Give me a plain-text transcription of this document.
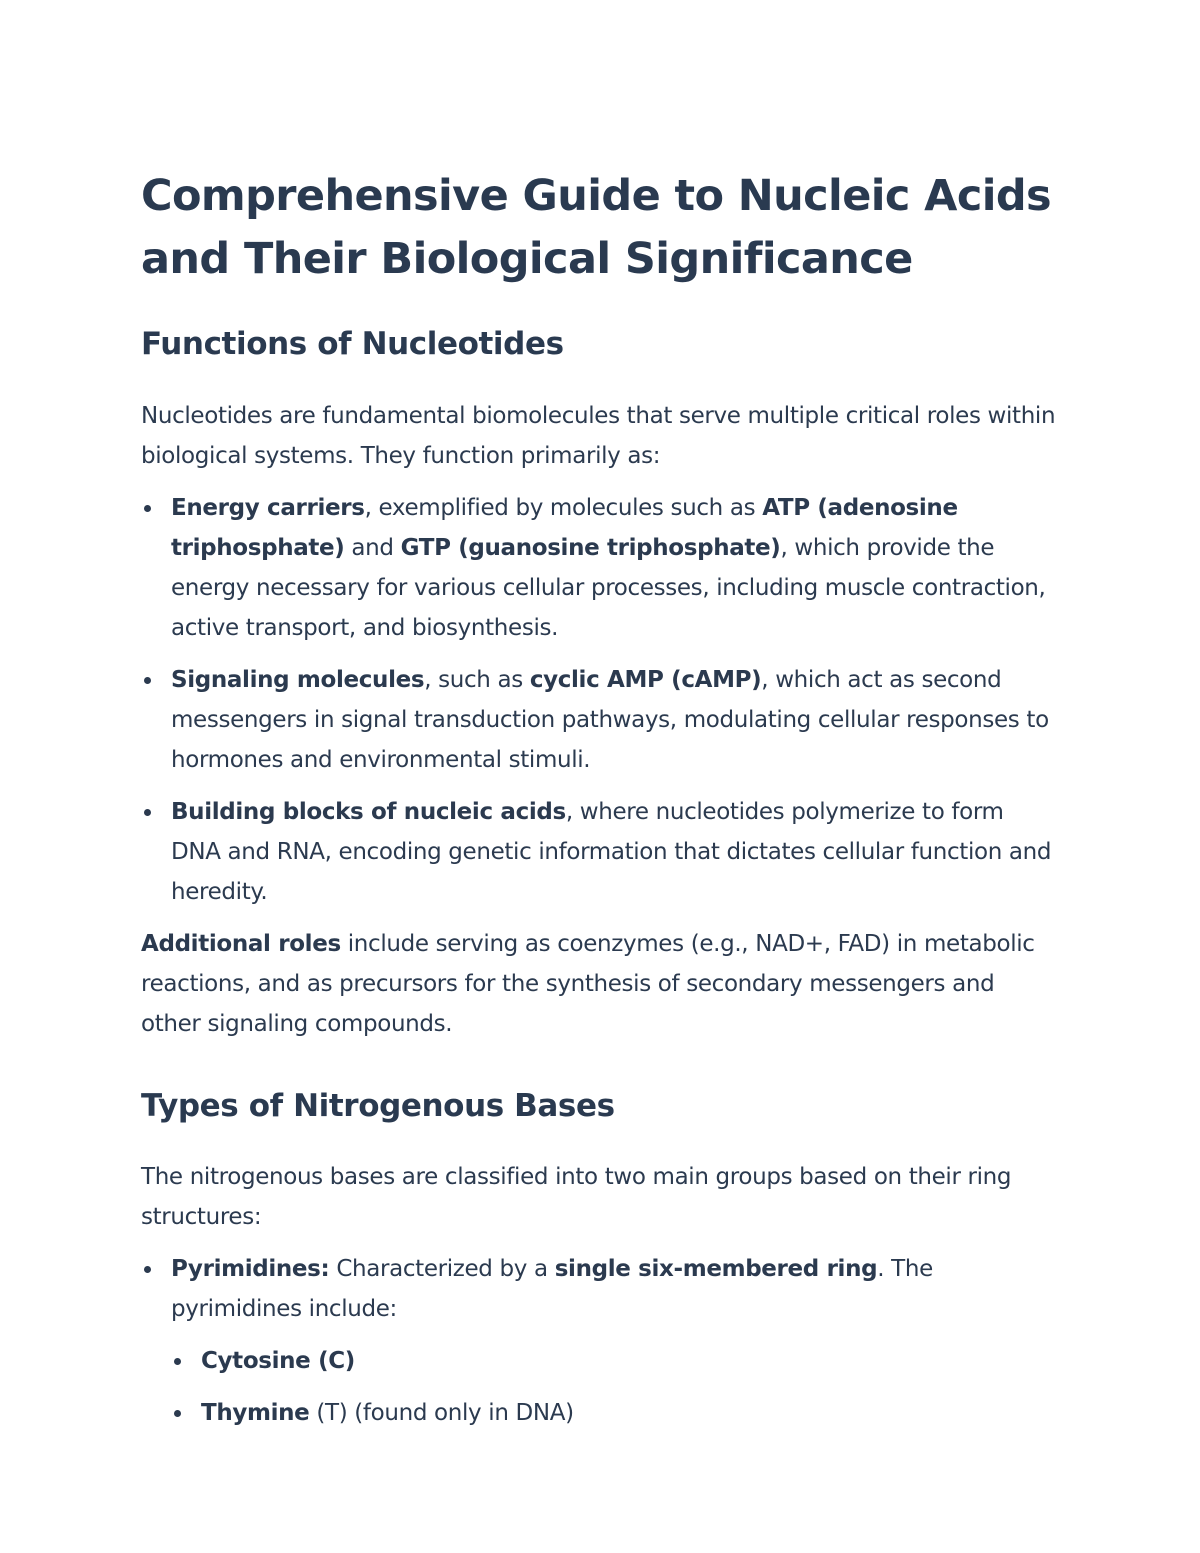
Comprehensive Guide to Nucleic Acids and Their Biological Significance
Functions of Nucleotides

Nucleotides are fundamental biomolecules that serve multiple critical roles within biological systems. They function primarily as:

Energy carriers, exemplified by molecules such as ATP (adenosine triphosphate) and GTP (guanosine triphosphate), which provide the energy necessary for various cellular processes, including muscle contraction, active transport, and biosynthesis.
Signaling molecules, such as cyclic AMP (cAMP), which act as second messengers in signal transduction pathways, modulating cellular responses to hormones and environmental stimuli.
Building blocks of nucleic acids, where nucleotides polymerize to form DNA and RNA, encoding genetic information that dictates cellular function and heredity.

Additional roles include serving as coenzymes (e.g., NAD+, FAD) in metabolic reactions, and as precursors for the synthesis of secondary messengers and other signaling compounds.

Types of Nitrogenous Bases

The nitrogenous bases are classified into two main groups based on their ring structures:

Pyrimidines: Characterized by a single six-membered ring. The pyrimidines include:
Cytosine (C)
Thymine (T) (found only in DNA)
